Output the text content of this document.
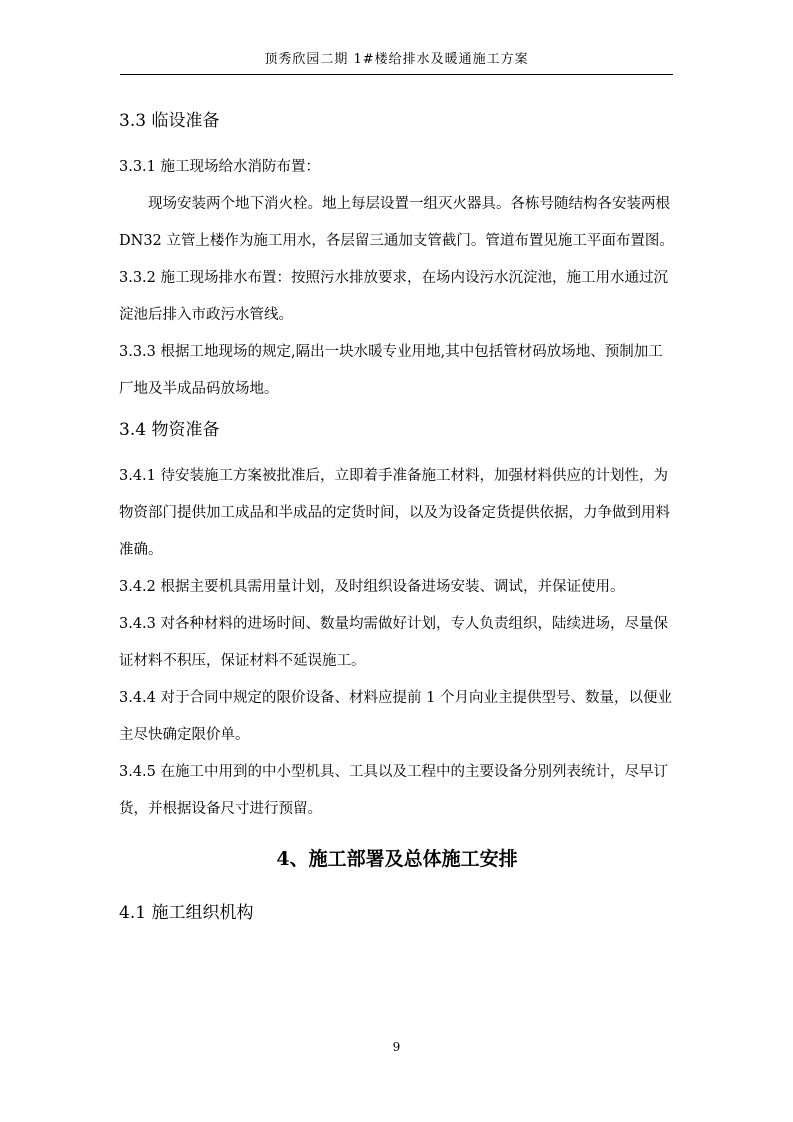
顶秀欣园二期 1#楼给排水及暖通施工方案

3.3 临设准备

3.3.1 施工现场给水消防布置：

现场安装两个地下消火栓。地上每层设置一组灭火器具。各栋号随结构各安装两根 DN32 立管上楼作为施工用水，各层留三通加支管截门。管道布置见施工平面布置图。

3.3.2 施工现场排水布置：按照污水排放要求，在场内设污水沉淀池，施工用水通过沉淀池后排入市政污水管线。

3.3.3 根据工地现场的规定,隔出一块水暖专业用地,其中包括管材码放场地、预制加工厂地及半成品码放场地。

3.4 物资准备

3.4.1 待安装施工方案被批准后，立即着手准备施工材料，加强材料供应的计划性，为物资部门提供加工成品和半成品的定货时间，以及为设备定货提供依据，力争做到用料准确。

3.4.2 根据主要机具需用量计划，及时组织设备进场安装、调试，并保证使用。

3.4.3 对各种材料的进场时间、数量均需做好计划，专人负责组织，陆续进场，尽量保证材料不积压，保证材料不延误施工。

3.4.4 对于合同中规定的限价设备、材料应提前 1 个月向业主提供型号、数量，以便业主尽快确定限价单。

3.4.5 在施工中用到的中小型机具、工具以及工程中的主要设备分别列表统计，尽早订货，并根据设备尺寸进行预留。

4、施工部署及总体施工安排

4.1 施工组织机构

9
